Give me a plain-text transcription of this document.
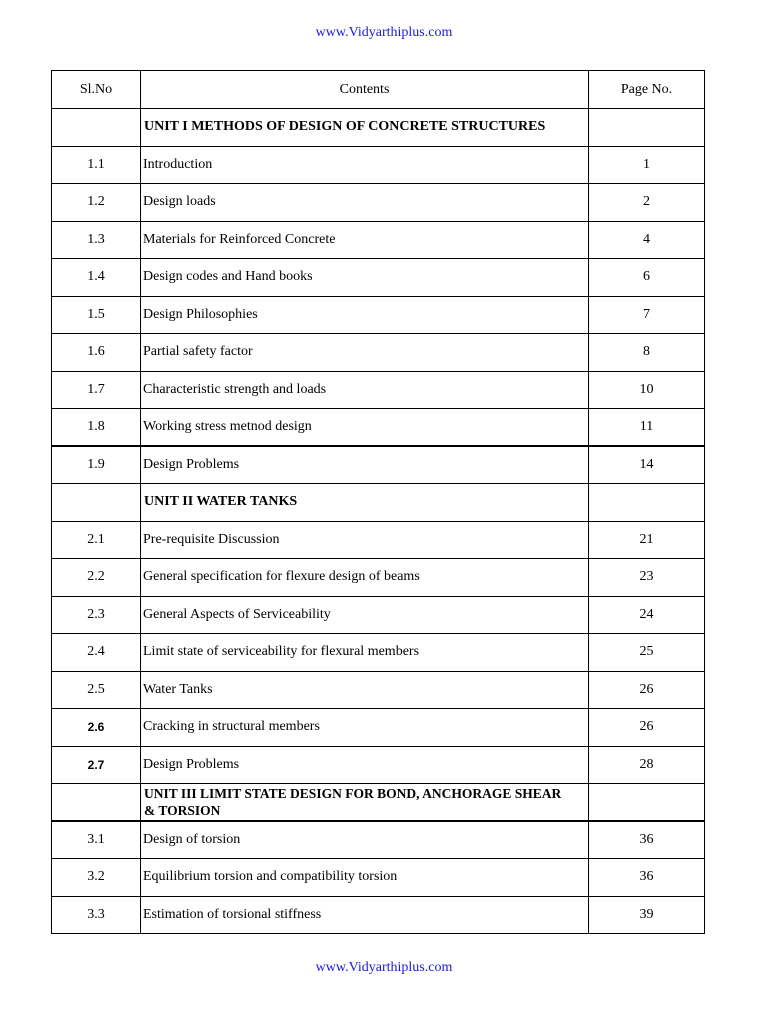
www.Vidyarthiplus.com
Sl.No	Contents	Page No.
	UNIT I METHODS OF DESIGN OF CONCRETE STRUCTURES	
1.1	Introduction	1
1.2	Design loads	2
1.3	Materials for Reinforced Concrete	4
1.4	Design codes and Hand books	6
1.5	Design Philosophies	7
1.6	Partial safety factor	8
1.7	Characteristic strength and loads	10
1.8	Working stress metnod design	11
1.9	Design Problems	14
	UNIT II WATER TANKS	
2.1	Pre-requisite Discussion	21
2.2	General specification for flexure design of beams	23
2.3	General Aspects of Serviceability	24
2.4	Limit state of serviceability for flexural members	25
2.5	Water Tanks	26
2.6	Cracking in structural members	26
2.7	Design Problems	28
	UNIT III LIMIT STATE DESIGN FOR BOND, ANCHORAGE SHEAR
& TORSION	
3.1	Design of torsion	36
3.2	Equilibrium torsion and compatibility torsion	36
3.3	Estimation of torsional stiffness	39
www.Vidyarthiplus.com
